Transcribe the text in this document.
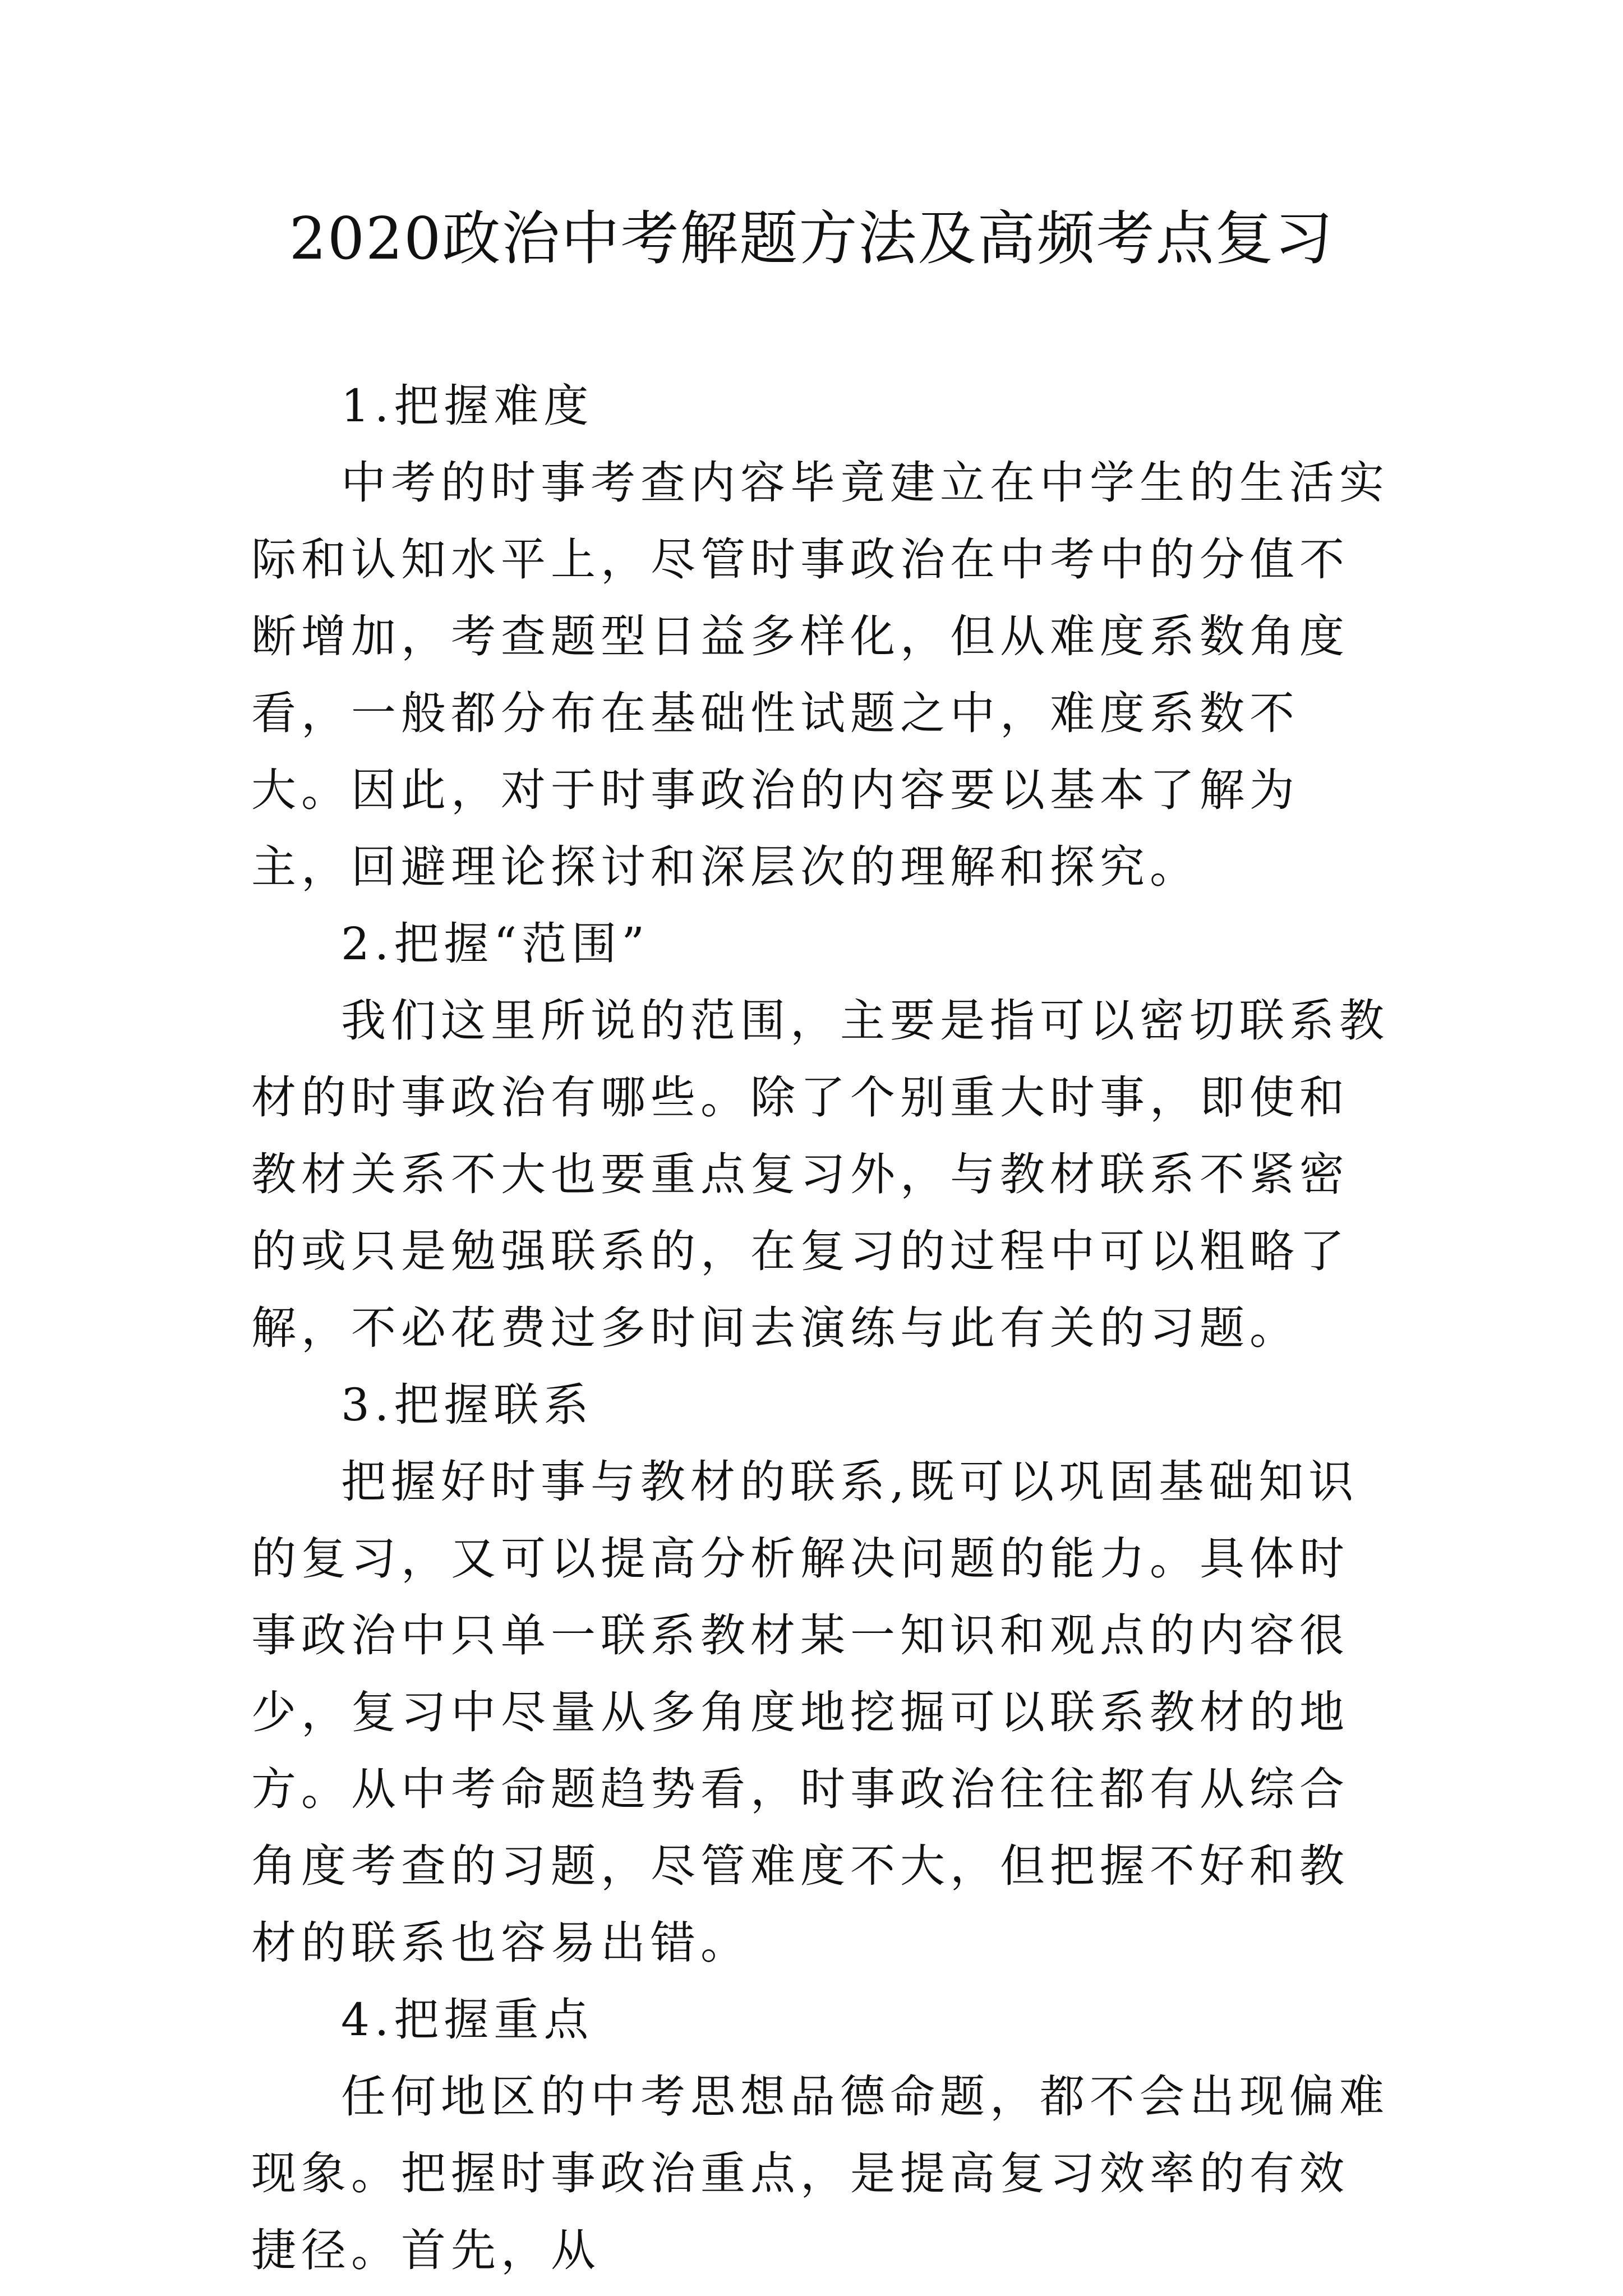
2020政治中考解题方法及高频考点复习
1.把握难度

中考的时事考查内容毕竟建立在中学生的生活实际和认知水平上，尽管时事政治在中考中的分值不断增加，考查题型日益多样化，但从难度系数角度看，一般都分布在基础性试题之中，难度系数不大。因此，对于时事政治的内容要以基本了解为主，回避理论探讨和深层次的理解和探究。

2.把握“范围”

我们这里所说的范围，主要是指可以密切联系教材的时事政治有哪些。除了个别重大时事，即使和教材关系不大也要重点复习外，与教材联系不紧密的或只是勉强联系的，在复习的过程中可以粗略了解，不必花费过多时间去演练与此有关的习题。

3.把握联系

把握好时事与教材的联系,既可以巩固基础知识的复习，又可以提高分析解决问题的能力。具体时事政治中只单一联系教材某一知识和观点的内容很少，复习中尽量从多角度地挖掘可以联系教材的地方。从中考命题趋势看，时事政治往往都有从综合角度考查的习题，尽管难度不大，但把握不好和教材的联系也容易出错。

4.把握重点

任何地区的中考思想品德命题，都不会出现偏难现象。把握时事政治重点，是提高复习效率的有效捷径。首先，从
